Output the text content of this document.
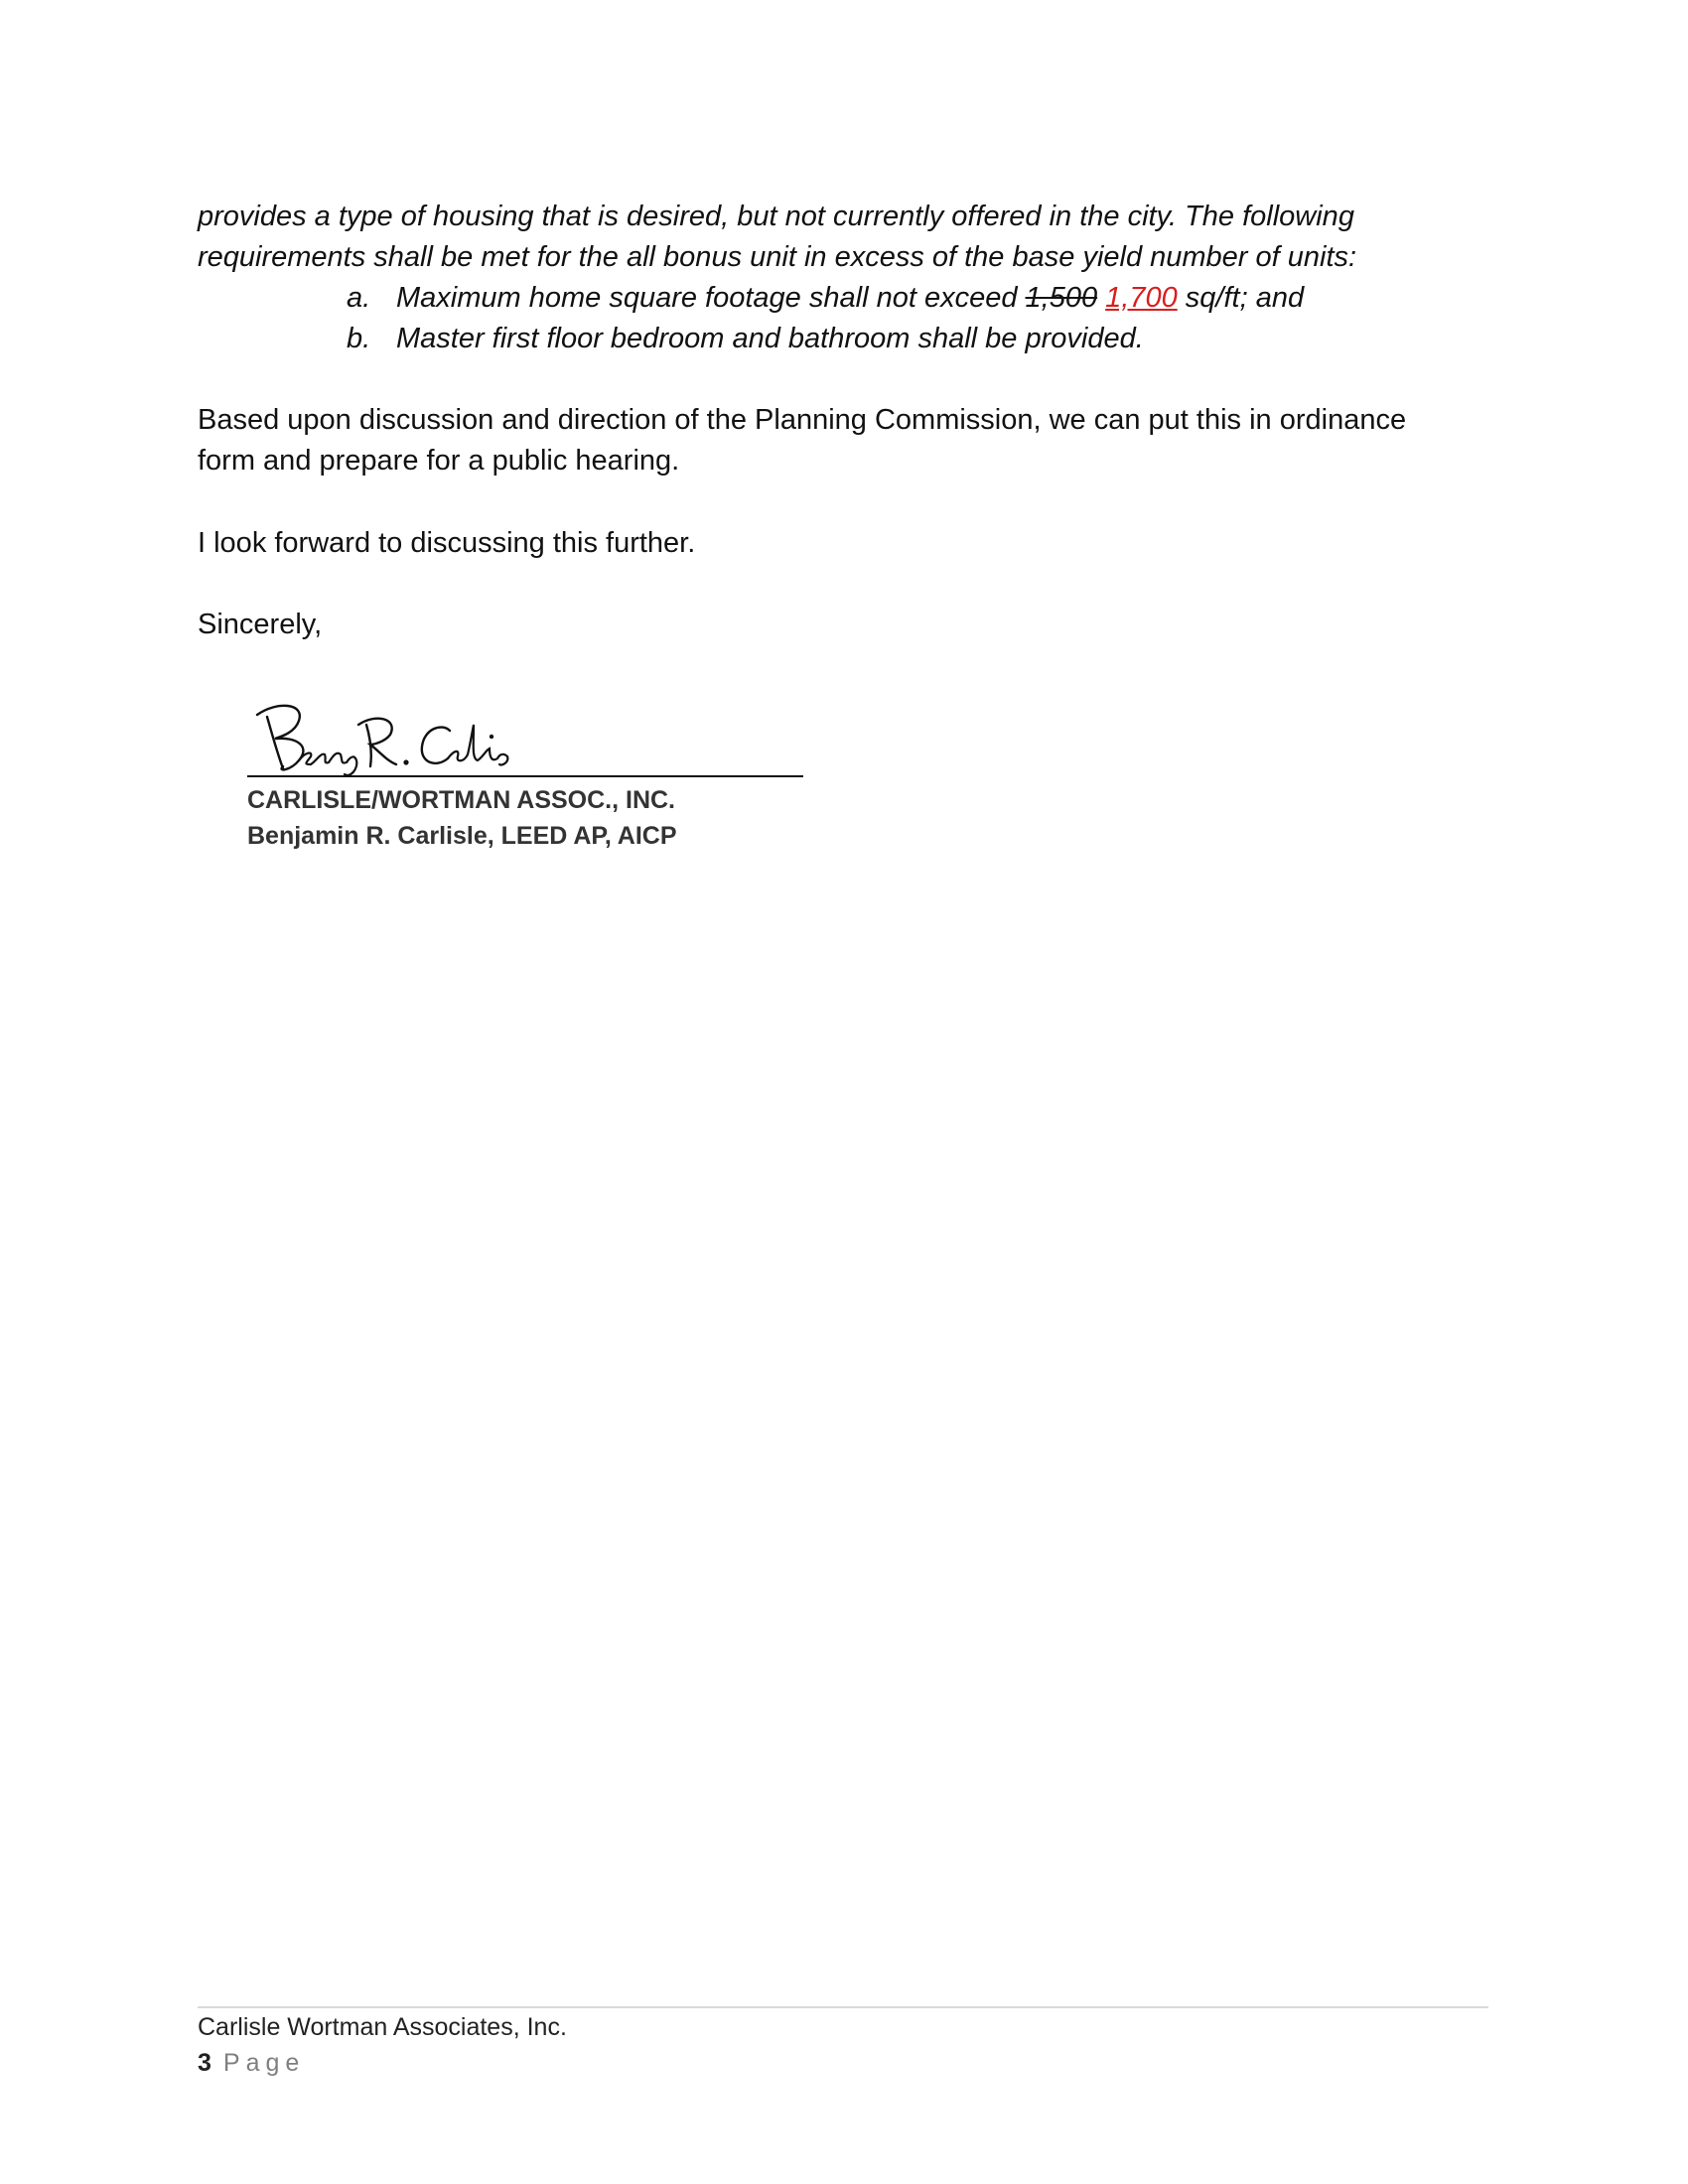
provides a type of housing that is desired, but not currently offered in the city. The following
requirements shall be met for the all bonus unit in excess of the base yield number of units:

a. Maximum home square footage shall not exceed 1,500 1,700 sq/ft; and
b. Master first floor bedroom and bathroom shall be provided.

Based upon discussion and direction of the Planning Commission, we can put this in ordinance
form and prepare for a public hearing.

I look forward to discussing this further.

Sincerely,

CARLISLE/WORTMAN ASSOC., INC.
Benjamin R. Carlisle, LEED AP, AICP
Carlisle Wortman Associates, Inc.
3 Page
